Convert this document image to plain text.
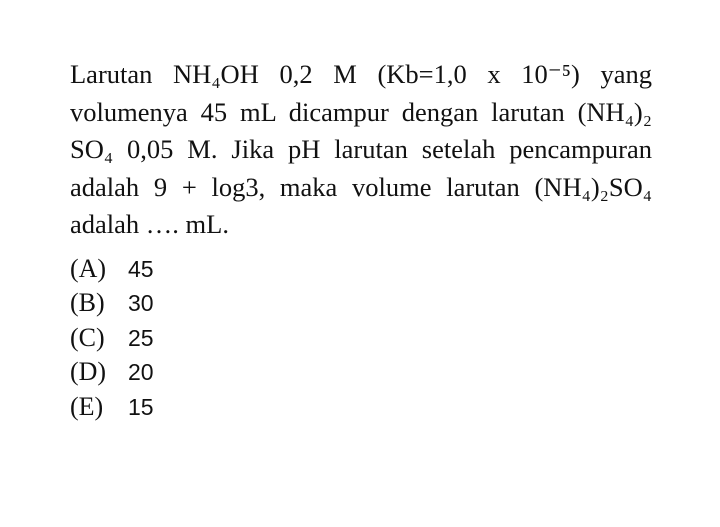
Larutan NH₄OH 0,2 M (Kb=1,0 x 10⁻⁵) yang volumenya 45 mL dicampur dengan larutan (NH₄)₂ SO₄ 0,05 M. Jika pH larutan setelah pencampuran adalah 9 + log3, maka volume larutan (NH₄)₂SO₄ adalah …. mL.

(A) 45
(B) 30
(C) 25
(D) 20
(E) 15
